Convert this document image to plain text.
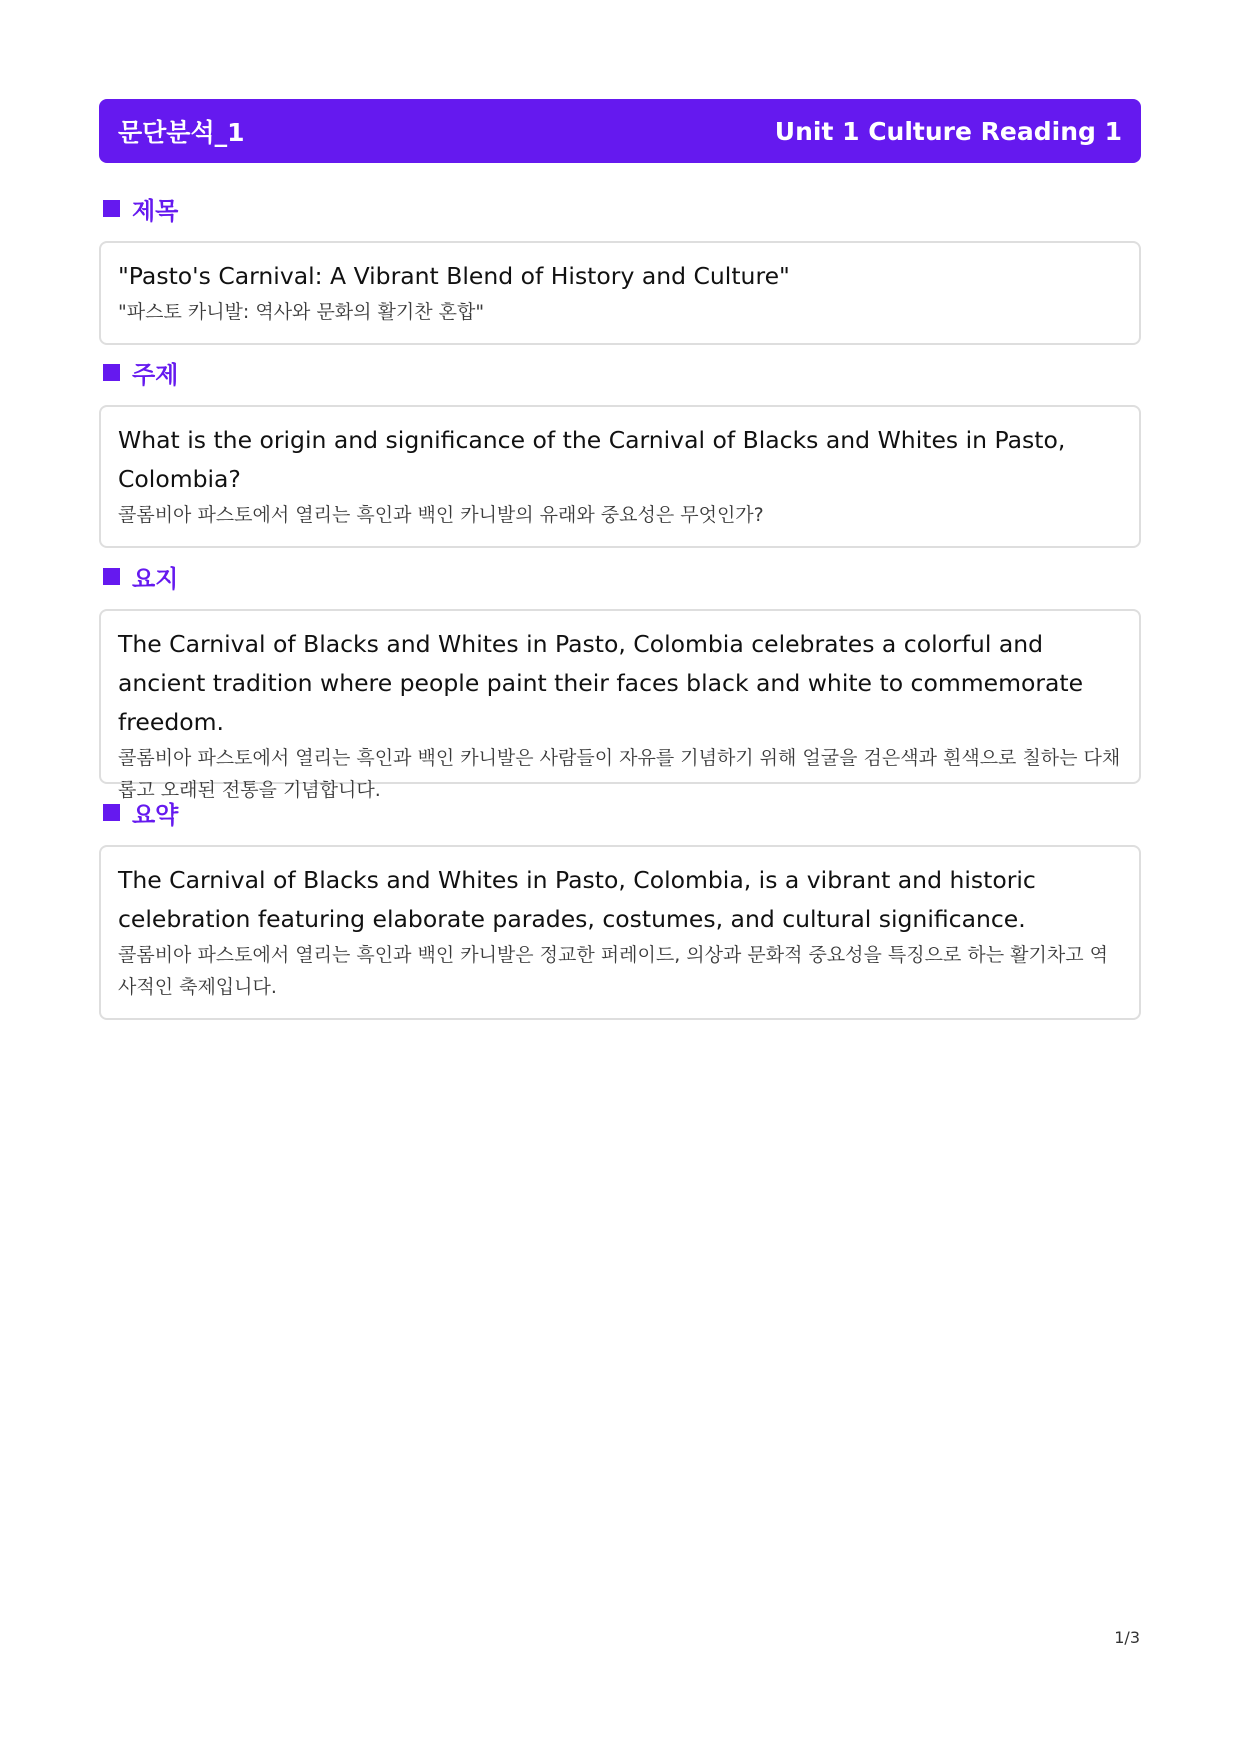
문단분석_1	Unit 1 Culture Reading 1
제목
"Pasto's Carnival: A Vibrant Blend of History and Culture"
"파스토 카니발: 역사와 문화의 활기찬 혼합"
주제
What is the origin and significance of the Carnival of Blacks and Whites in Pasto, Colombia?
콜롬비아 파스토에서 열리는 흑인과 백인 카니발의 유래와 중요성은 무엇인가?
요지
The Carnival of Blacks and Whites in Pasto, Colombia celebrates a colorful and ancient tradition where people paint their faces black and white to commemorate freedom.
콜롬비아 파스토에서 열리는 흑인과 백인 카니발은 사람들이 자유를 기념하기 위해 얼굴을 검은색과 흰색으로 칠하는 다채롭고 오래된 전통을 기념합니다.
요약
The Carnival of Blacks and Whites in Pasto, Colombia, is a vibrant and historic celebration featuring elaborate parades, costumes, and cultural significance.
콜롬비아 파스토에서 열리는 흑인과 백인 카니발은 정교한 퍼레이드, 의상과 문화적 중요성을 특징으로 하는 활기차고 역사적인 축제입니다.
1/3
